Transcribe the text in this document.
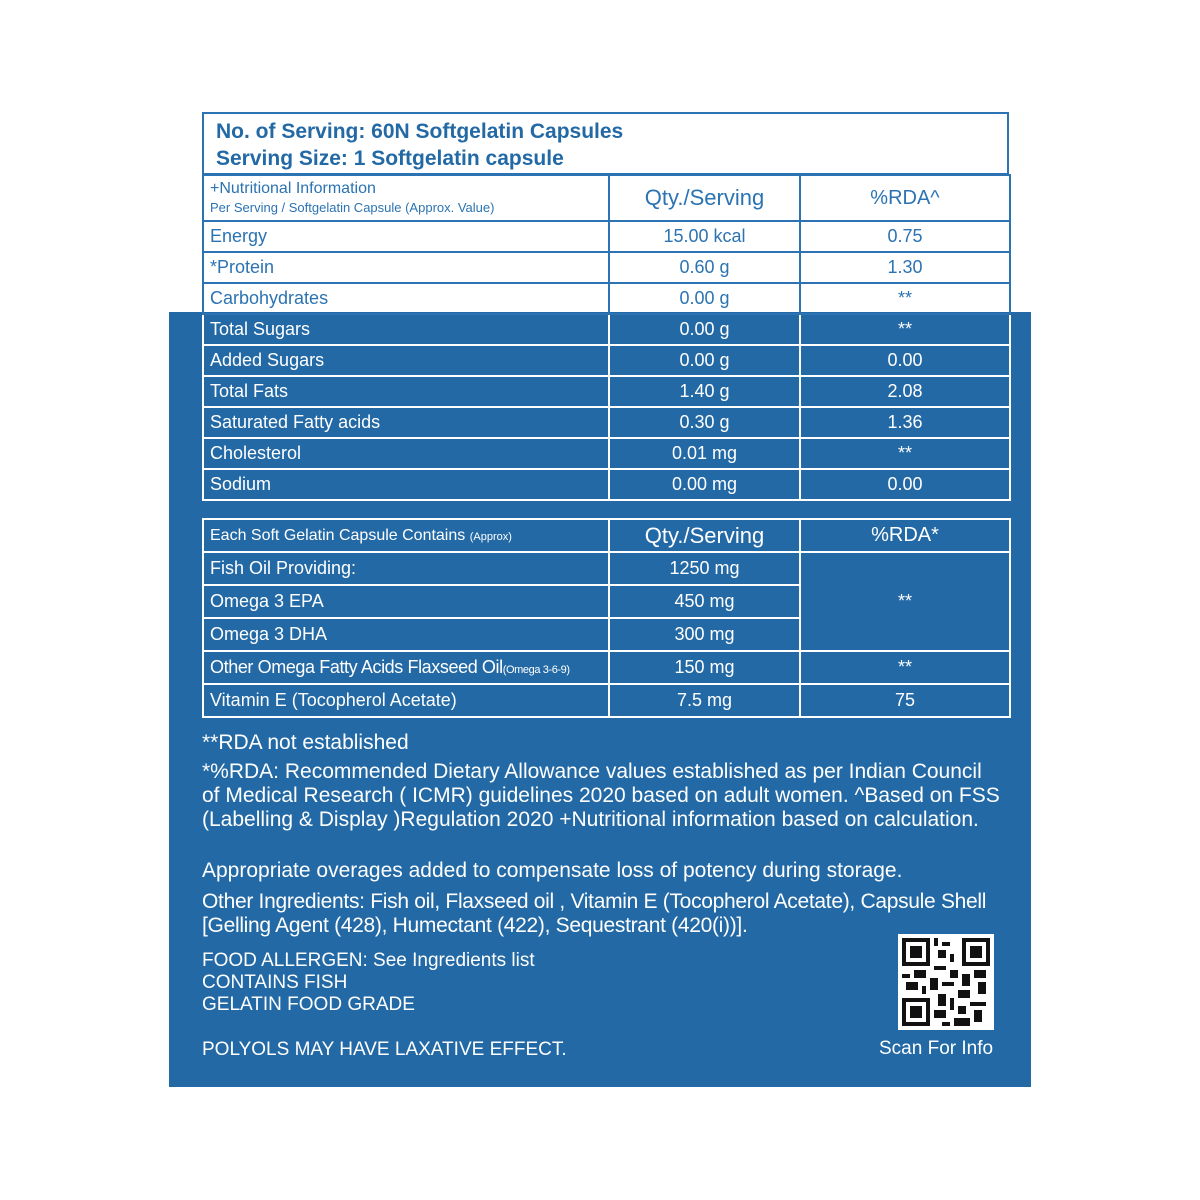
No. of Serving: 60N Softgelatin Capsules
Serving Size: 1 Softgelatin capsule
+Nutritional Information
Per Serving / Softgelatin Capsule (Approx. Value)	Qty./Serving	%RDA^
Energy	15.00 kcal	0.75
*Protein	0.60 g	1.30
Carbohydrates	0.00 g	**
Total Sugars	0.00 g	**
Added Sugars	0.00 g	0.00
Total Fats	1.40 g	2.08
Saturated Fatty acids	0.30 g	1.36
Cholesterol	0.01 mg	**
Sodium	0.00 mg	0.00
Each Soft Gelatin Capsule Contains (Approx)	Qty./Serving	%RDA*
Fish Oil Providing:	1250 mg	**
Omega 3 EPA	450 mg	
Omega 3 DHA	300 mg	
Other Omega Fatty Acids Flaxseed Oil(Omega 3-6-9)	150 mg	**
Vitamin E (Tocopherol Acetate)	7.5 mg	75
**RDA not established
*%RDA: Recommended Dietary Allowance values established as per Indian Council of Medical Research ( ICMR) guidelines 2020 based on adult women. ^Based on FSS (Labelling & Display )Regulation 2020 +Nutritional information based on calculation.
Appropriate overages added to compensate loss of potency during storage.
Other Ingredients: Fish oil, Flaxseed oil , Vitamin E (Tocopherol Acetate), Capsule Shell [Gelling Agent (428), Humectant (422), Sequestrant (420(i))].
FOOD ALLERGEN: See Ingredients list
CONTAINS FISH
GELATIN FOOD GRADE
POLYOLS MAY HAVE LAXATIVE EFFECT.	Scan For Info
